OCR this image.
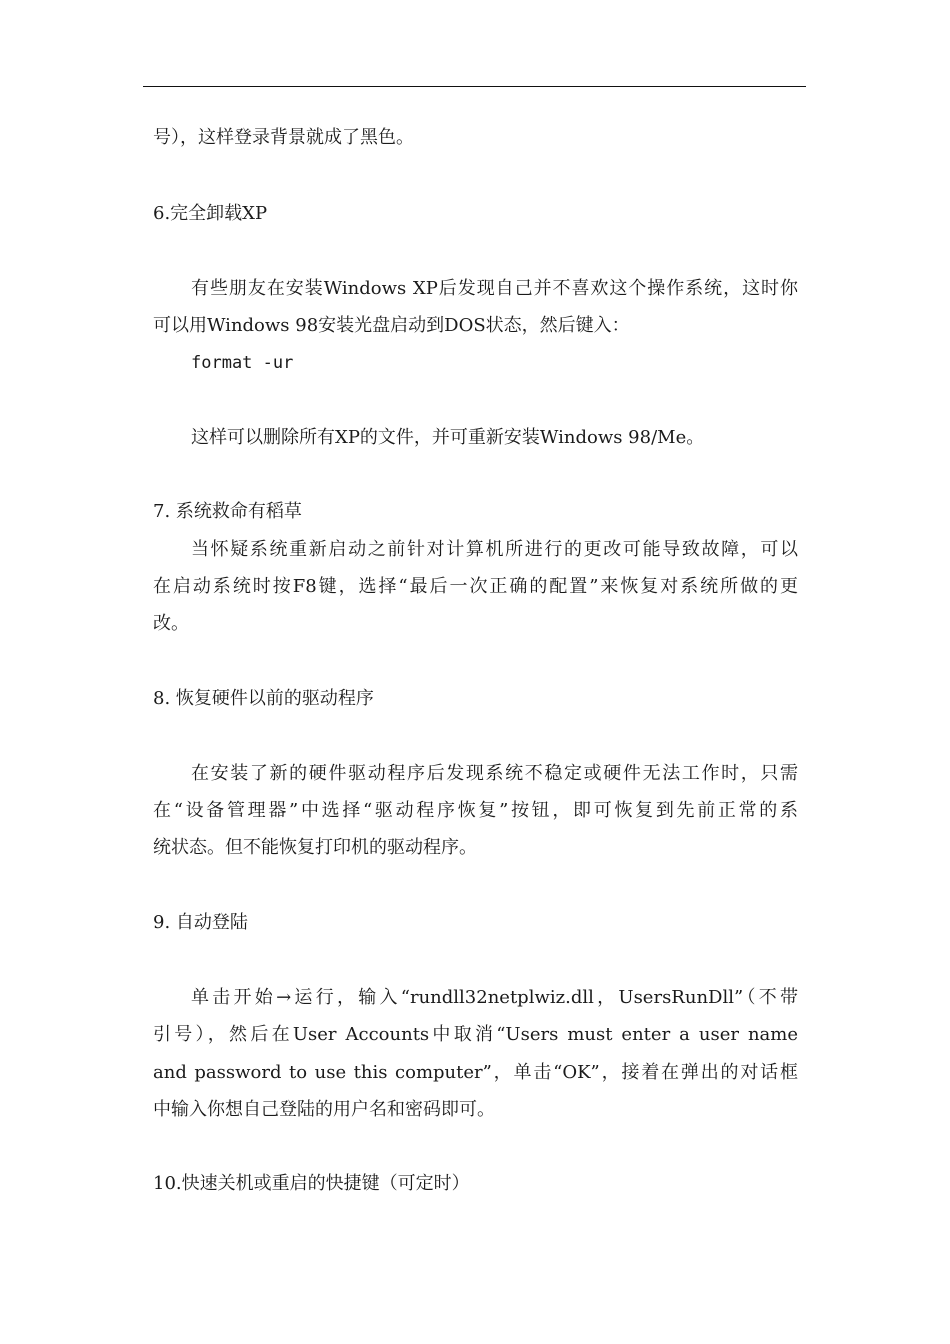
号），这样登录背景就成了黑色。
6.完全卸载XP
有些朋友在安装Windows XP后发现自己并不喜欢这个操作系统，这时你
可以用Windows 98安装光盘启动到DOS状态，然后键入：
format -ur
这样可以删除所有XP的文件，并可重新安装Windows 98/Me。
7. 系统救命有稻草
当怀疑系统重新启动之前针对计算机所进行的更改可能导致故障，可以
在启动系统时按F8键，选择“最后一次正确的配置”来恢复对系统所做的更
改。
8. 恢复硬件以前的驱动程序
在安装了新的硬件驱动程序后发现系统不稳定或硬件无法工作时，只需
在“设备管理器”中选择“驱动程序恢复”按钮，即可恢复到先前正常的系
统状态。但不能恢复打印机的驱动程序。
9. 自动登陆
单击开始→运行，输入“rundll32netplwiz.dll，UsersRunDll”（不带
引号），然后在User Accounts中取消“Users must enter a user name
and password to use this computer”，单击“OK”，接着在弹出的对话框
中输入你想自己登陆的用户名和密码即可。
10.快速关机或重启的快捷键（可定时）
